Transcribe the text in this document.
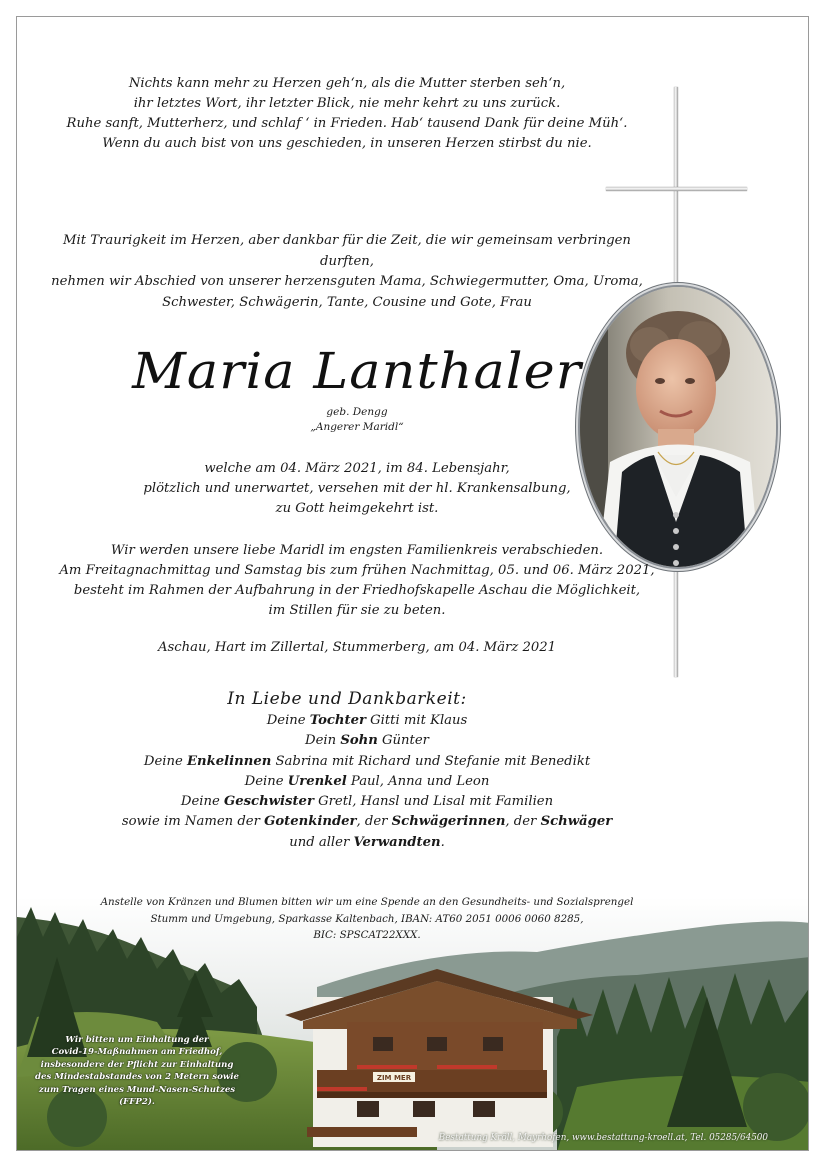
Nichts kann mehr zu Herzen geh‘n, als die Mutter sterben seh‘n,
ihr letztes Wort, ihr letzter Blick, nie mehr kehrt zu uns zurück.
Ruhe sanft, Mutterherz, und schlaf ‘ in Frieden. Hab‘ tausend Dank für deine Müh‘.
Wenn du auch bist von uns geschieden, in unseren Herzen stirbst du nie.
Mit Traurigkeit im Herzen, aber dankbar für die Zeit, die wir gemeinsam verbringen durften,
nehmen wir Abschied von unserer herzensguten Mama, Schwiegermutter, Oma, Uroma,
Schwester, Schwägerin, Tante, Cousine und Gote, Frau
Maria Lanthaler
geb. Dengg
„Angerer Maridl“
welche am 04. März 2021, im 84. Lebensjahr,
plötzlich und unerwartet, versehen mit der hl. Krankensalbung,
zu Gott heimgekehrt ist.
Wir werden unsere liebe Maridl im engsten Familienkreis verabschieden.
Am Freitagnachmittag und Samstag bis zum frühen Nachmittag, 05. und 06. März 2021,
besteht im Rahmen der Aufbahrung in der Friedhofskapelle Aschau die Möglichkeit,
im Stillen für sie zu beten.
Aschau, Hart im Zillertal, Stummerberg, am 04. März 2021
In Liebe und Dankbarkeit:
Deine Tochter Gitti mit Klaus
Dein Sohn Günter
Deine Enkelinnen Sabrina mit Richard und Stefanie mit Benedikt
Deine Urenkel Paul, Anna und Leon
Deine Geschwister Gretl, Hansl und Lisal mit Familien
sowie im Namen der Gotenkinder, der Schwägerinnen, der Schwäger
und aller Verwandten.
ZIM MER
Anstelle von Kränzen und Blumen bitten wir um eine Spende an den Gesundheits- und Sozialsprengel
Stumm und Umgebung, Sparkasse Kaltenbach, IBAN: AT60 2051 0006 0060 8285,
BIC: SPSCAT22XXX.
Wir bitten um Einhaltung der
Covid-19-Maßnahmen am Friedhof,
insbesondere der Pflicht zur Einhaltung
des Mindestabstandes von 2 Metern sowie
zum Tragen eines Mund-Nasen-Schutzes (FFP2).
Bestattung Kröll, Mayrhofen, www.bestattung-kroell.at, Tel. 05285/64500
